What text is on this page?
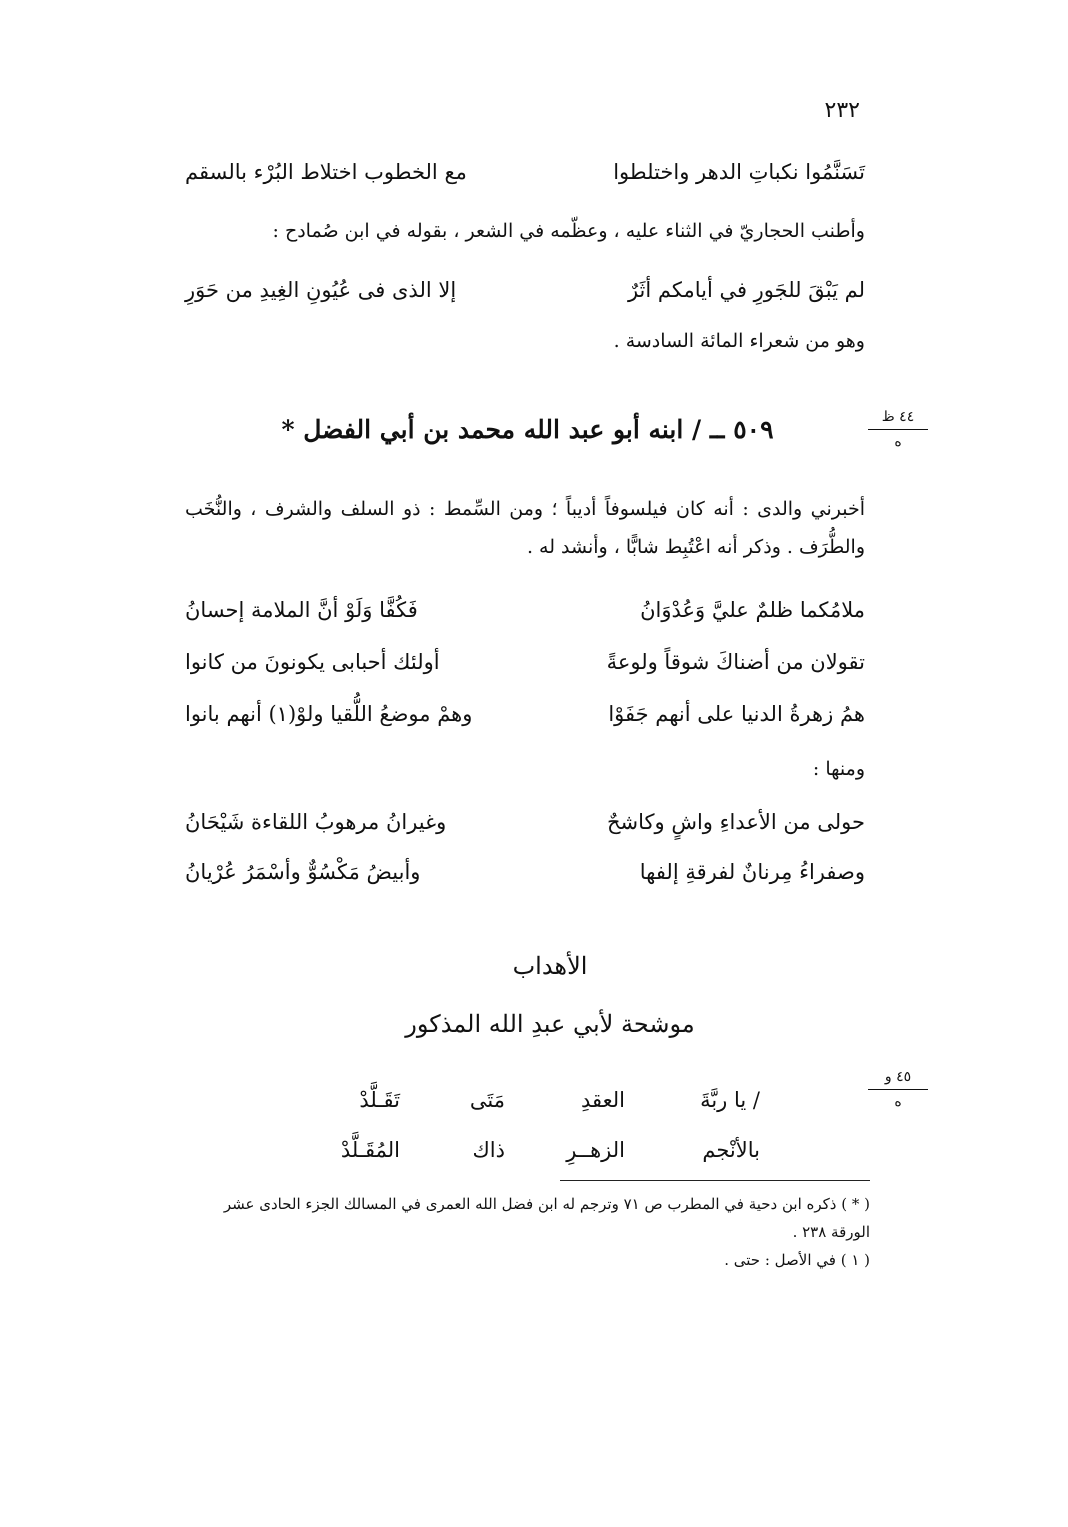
٢٣٢
تَسَنَّمُوا نكباتِ الدهر واختلطوا
مع الخطوب اختلاط البُرْء بالسقم
وأطنب الحجاريّ في الثناء عليه ، وعظّمه في الشعر ، بقوله في ابن صُمادح :
لم يَبْقَ للجَورِ في أيامكم أثَرٌ
إلا الذى فى عُيُونِ الغِيدِ من حَوَرِ
وهو من شعراء المائة السادسة .
٤٤ ظ
ه
٥٠٩ ــ / ابنه أبو عبد الله محمد بن أبي الفضل *
أخبرني والدى : أنه كان فيلسوفاً أديباً ؛ ومن السِّمط : ذو السلف والشرف ، والنُّخَب والطُّرَف . وذكر أنه اعْتُبِط شابًّا ، وأنشد له .
ملامُكما ظلمٌ عليَّ وَعُدْوَانُ
فَكُفَّا وَلَوْ أنَّ الملامة إحسانُ
تقولان من أضناكَ شوقاً ولوعةً
أولئك أحبابى يكونونَ من كانوا
همُ زهرةُ الدنيا على أنهم جَفَوْا
وهمْ موضعُ اللُّقيا ولوْ(١) أنهم بانوا
ومنها :
حولى من الأعداءِ واشٍ وكاشحٌ
وغيرانُ مرهوبُ اللقاءة شَيْحَانُ
وصفراءُ مِرنانٌ لفرقةِ إلفها
وأبيضُ مَكْسُوٌّ وأسْمَرُ عُرْيانُ
الأهداب
موشحة لأبي عبدِ الله المذكور
٤٥ و
ه
/ يا ربَّةَ
العقدِ
مَتَى
تَقَـلَّدْ
بالأنْجم
الزهــرِ
ذاك
المُقَـلَّدْ
( * ) ذكره ابن دحية في المطرب ص ٧١ وترجم له ابن فضل الله العمرى في المسالك الجزء الحادى عشر الورقة ٢٣٨ .
( ١ ) في الأصل : حتى .
